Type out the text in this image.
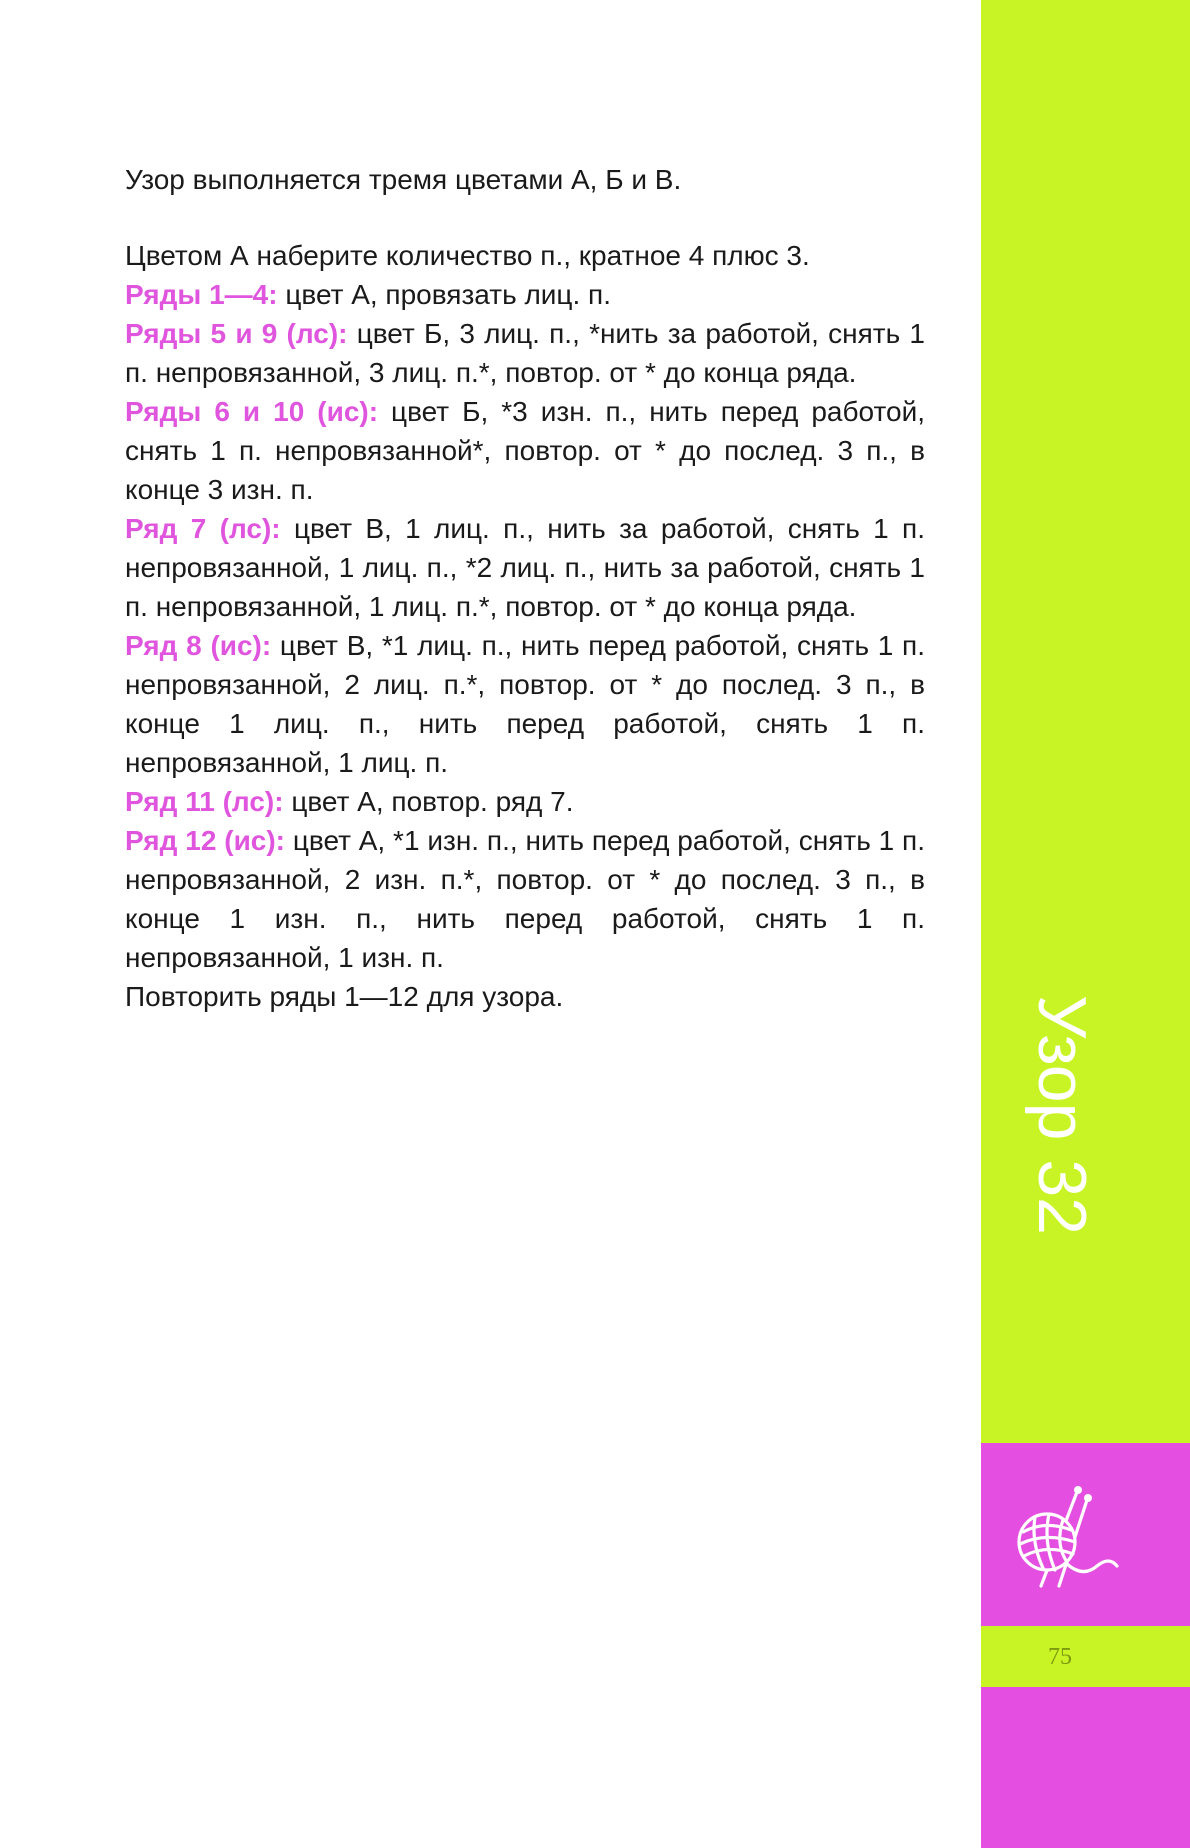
Узор выполняется тремя цветами А, Б и В.

Цветом А наберите количество п., кратное 4 плюс 3.

Ряды 1—4: цвет А, провязать лиц. п.

Ряды 5 и 9 (лс): цвет Б, 3 лиц. п., *нить за работой, снять 1 п. непровязанной, 3 лиц. п.*, повтор. от * до конца ряда.

Ряды 6 и 10 (ис): цвет Б, *3 изн. п., нить перед работой, снять 1 п. непровязанной*, повтор. от * до послед. 3 п., в конце 3 изн. п.

Ряд 7 (лс): цвет В, 1 лиц. п., нить за работой, снять 1 п. непровязанной, 1 лиц. п., *2 лиц. п., нить за работой, снять 1 п. непровязанной, 1 лиц. п.*, повтор. от * до конца ряда.

Ряд 8 (ис): цвет В, *1 лиц. п., нить перед работой, снять 1 п. непровязанной, 2 лиц. п.*, повтор. от * до послед. 3 п., в конце 1 лиц. п., нить перед работой, снять 1 п. непровязанной, 1 лиц. п.

Ряд 11 (лс): цвет А, повтор. ряд 7.

Ряд 12 (ис): цвет А, *1 изн. п., нить перед работой, снять 1 п. непровязанной, 2 изн. п.*, повтор. от * до послед. 3 п., в конце 1 изн. п., нить перед работой, снять 1 п. непровязанной, 1 изн. п.

Повторить ряды 1—12 для узора.	Узор 32
75
